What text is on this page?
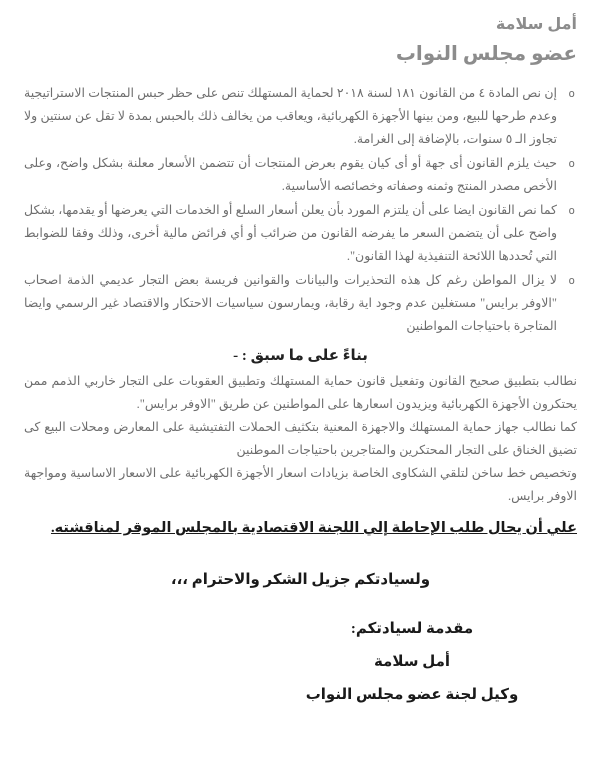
أمل سلامة
عضو مجلس النواب
o
إن نص المادة ٤ من القانون ١٨١ لسنة ٢٠١٨ لحماية المستهلك تنص على حظر حبس المنتجات الاستراتيجية وعدم طرحها للبيع، ومن بينها الأجهزة الكهربائية، ويعاقب من يخالف ذلك بالحبس بمدة لا تقل عن سنتين ولا تجاوز الـ ٥ سنوات، بالإضافة إلى الغرامة.
o
حيث يلزم القانون أى جهة أو أى كيان يقوم بعرض المنتجات أن تتضمن الأسعار معلنة بشكل واضح، وعلى الأخص مصدر المنتج وثمنه وصفاته وخصائصه الأساسية.
o
كما نص القانون ايضا على أن يلتزم المورد بأن يعلن أسعار السلع أو الخدمات التي يعرضها أو يقدمها، بشكل واضح على أن يتضمن السعر ما يفرضه القانون من ضرائب أو أي فرائض مالية أخرى، وذلك وفقا للضوابط التي تُحددها اللائحة التنفيذية لهذا القانون".
o
لا يزال المواطن رغم كل هذه التحذيرات والبيانات والقوانين فريسة بعض التجار عديمي الذمة اصحاب "الاوفر برايس" مستغلين عدم وجود اية رقابة، ويمارسون سياسيات الاحتكار والاقتصاد غير الرسمي وايضا المتاجرة باحتياجات المواطنين
بناءً على ما سبق : -

نطالب بتطبيق صحيح القانون وتفعيل قانون حماية المستهلك وتطبيق العقوبات على التجار خاربي الذمم ممن يحتكرون الأجهزة الكهربائية ويزيدون اسعارها على المواطنين عن طريق "الاوفر برايس".

كما نطالب جهاز حماية المستهلك والاجهزة المعنية بتكثيف الحملات التفتيشية على المعارض ومحلات البيع كى تضيق الخناق على التجار المحتكرين والمتاجرين باحتياجات الموطنين

وتخصيص خط ساخن لتلقي الشكاوى الخاصة بزيادات اسعار الأجهزة الكهربائية على الاسعار الاساسية ومواجهة الاوفر برايس.

علي أن يحال طلب الإحاطة إلي اللجنة الاقتصادية بالمجلس الموقر لمناقشته.
ولسيادتكم جزيل الشكر والاحترام ،،،
مقدمة لسيادتكم:
أمل سلامة
وكيل لجنة عضو مجلس النواب
